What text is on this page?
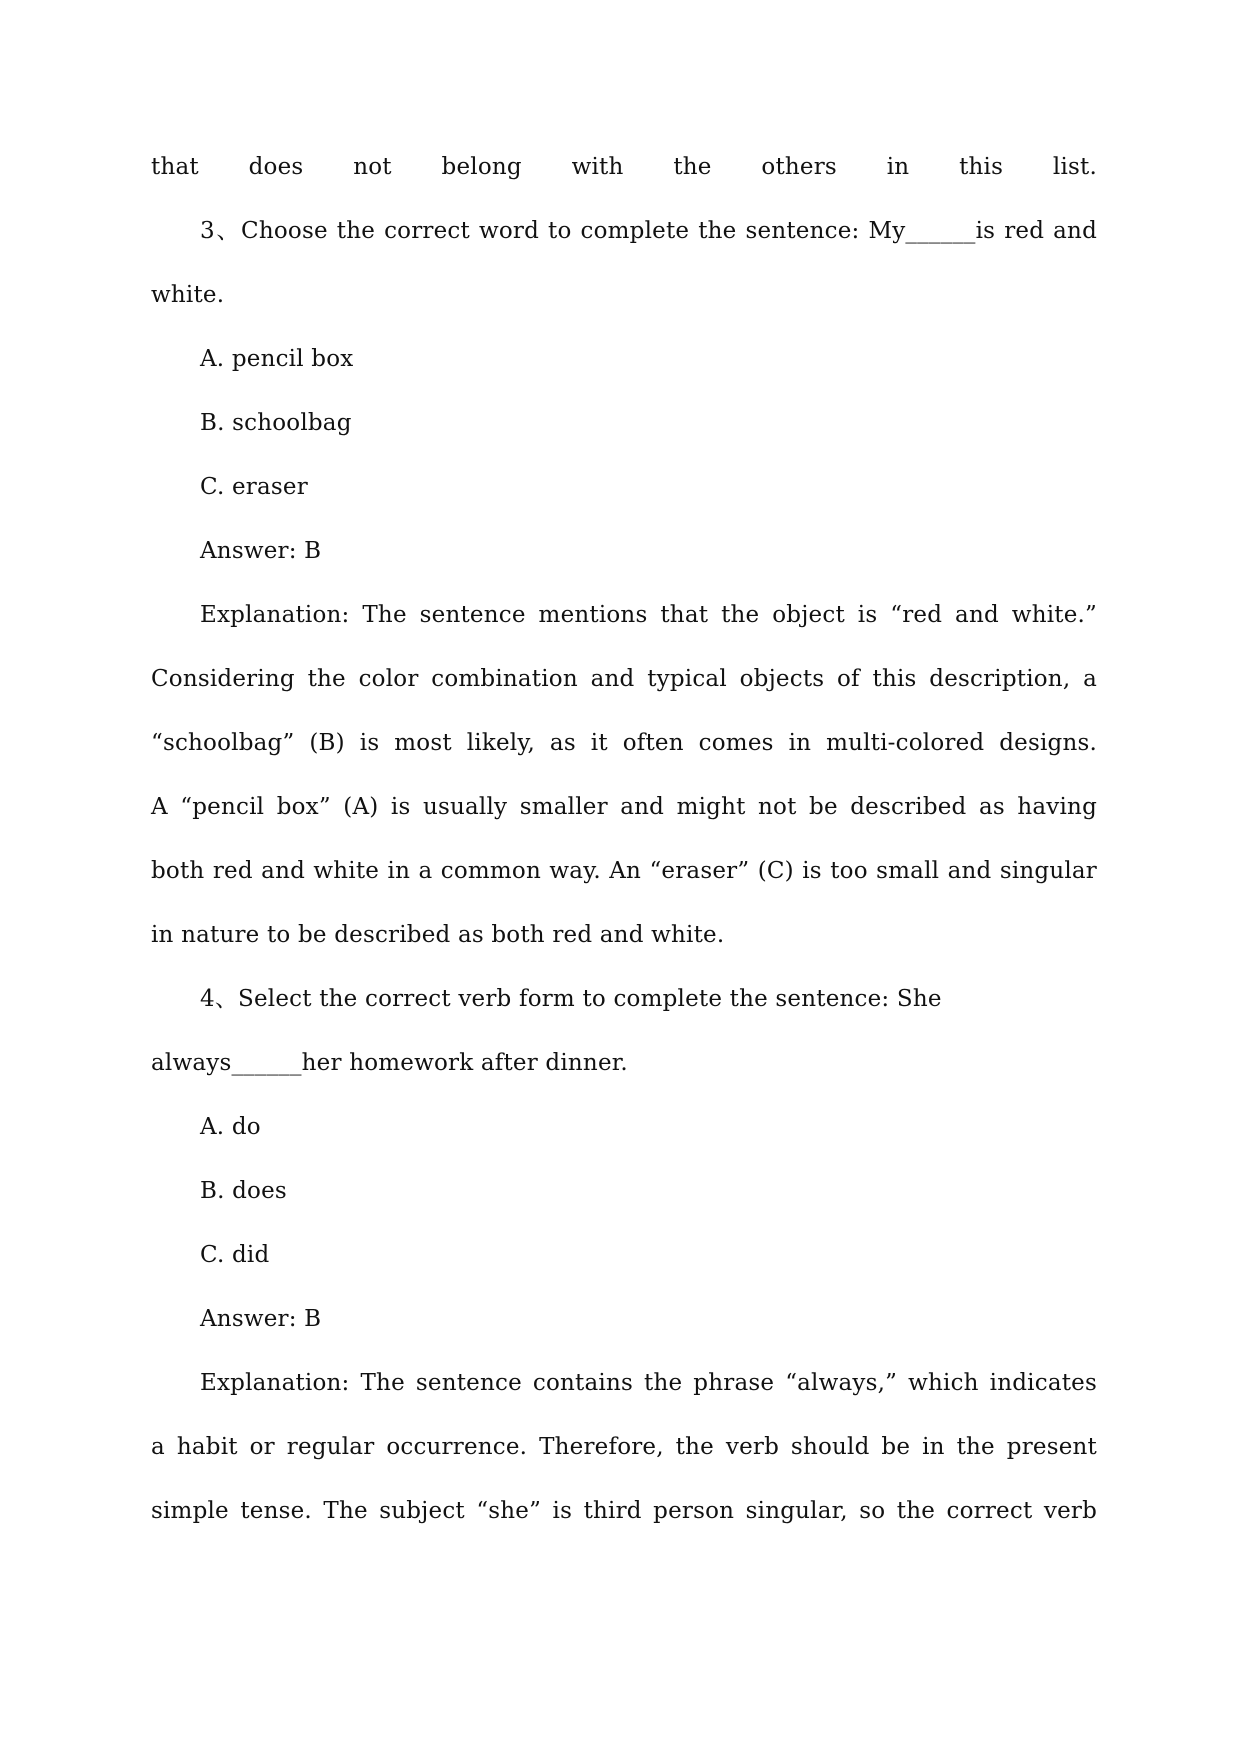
that does not belong with the others in this list.
3、Choose the correct word to complete the sentence: My______is red and
white.
A. pencil box
B. schoolbag
C. eraser
Answer: B
Explanation: The sentence mentions that the object is “red and white.”
Considering the color combination and typical objects of this description, a
“schoolbag” (B) is most likely, as it often comes in multi-colored designs.
A “pencil box” (A) is usually smaller and might not be described as having
both red and white in a common way. An “eraser” (C) is too small and singular
in nature to be described as both red and white.
4、Select the correct verb form to complete the sentence: She
always______her homework after dinner.
A. do
B. does
C. did
Answer: B
Explanation: The sentence contains the phrase “always,” which indicates
a habit or regular occurrence. Therefore, the verb should be in the present
simple tense. The subject “she” is third person singular, so the correct verb
